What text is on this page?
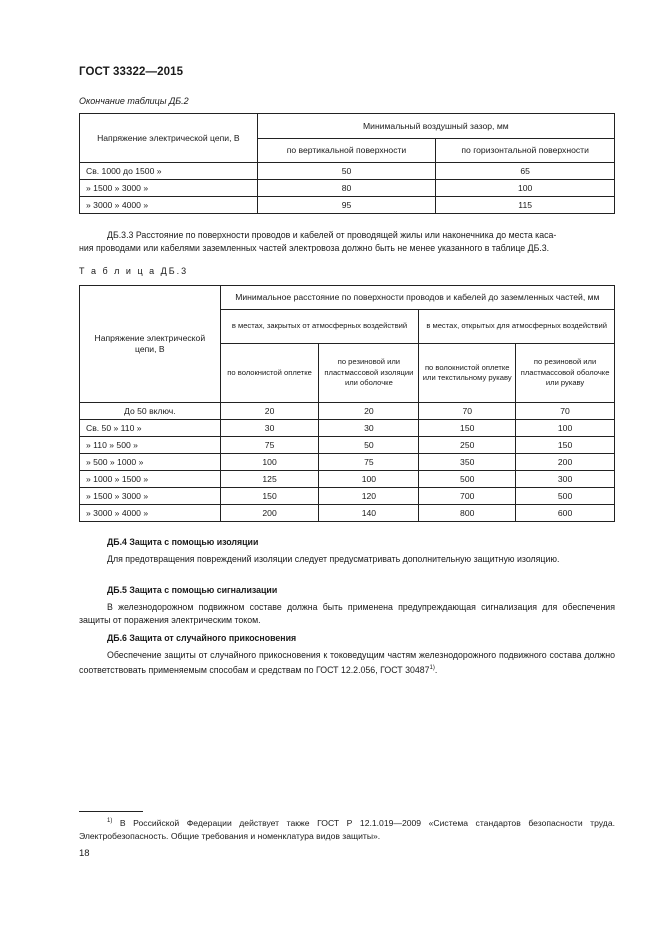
ГОСТ 33322—2015
Окончание таблицы ДБ.2
Напряжение электрической цепи, В	Минимальный воздушный зазор, мм	
	по вертикальной поверхности	по горизонтальной поверхности
Св. 1000 до 1500 »	50	65
» 1500 » 3000 »	80	100
» 3000 » 4000 »	95	115
ДБ.3.3 Расстояние по поверхности проводов и кабелей от проводящей жилы или наконечника до места каса-
ния проводами или кабелями заземленных частей электровоза должно быть не менее указанного в таблице ДБ.3.
Т а б л и ц а ДБ.3
Напряжение электрической цепи, В	Минимальное расстояние по поверхности проводов и кабелей до заземленных частей, мм			
	в местах, закрытых от атмосферных воздействий		в местах, открытых для атмосферных воздействий	
	по волокнистой оплетке	по резиновой или пластмассовой изоляции или оболочке	по волокнистой оплетке или текстильному рукаву	по резиновой или пластмассовой оболочке или рукаву
До 50 включ.	20	20	70	70
Св. 50 » 110 »	30	30	150	100
» 110 » 500 »	75	50	250	150
» 500 » 1000 »	100	75	350	200
» 1000 » 1500 »	125	100	500	300
» 1500 » 3000 »	150	120	700	500
» 3000 » 4000 »	200	140	800	600
ДБ.4 Защита с помощью изоляции
Для предотвращения повреждений изоляции следует предусматривать дополнительную защитную изоляцию.
ДБ.5 Защита с помощью сигнализации
В железнодорожном подвижном составе должна быть применена предупреждающая сигнализация для обеспечения защиты от поражения электрическим током.
ДБ.6 Защита от случайного прикосновения
Обеспечение защиты от случайного прикосновения к токоведущим частям железнодорожного подвижного состава должно соответствовать применяемым способам и средствам по ГОСТ 12.2.056, ГОСТ 30487$^{1)}$.
$^{1)}$ В Российской Федерации действует также ГОСТ Р 12.1.019—2009 «Система стандартов безопасности труда. Электробезопасность. Общие требования и номенклатура видов защиты».
18
